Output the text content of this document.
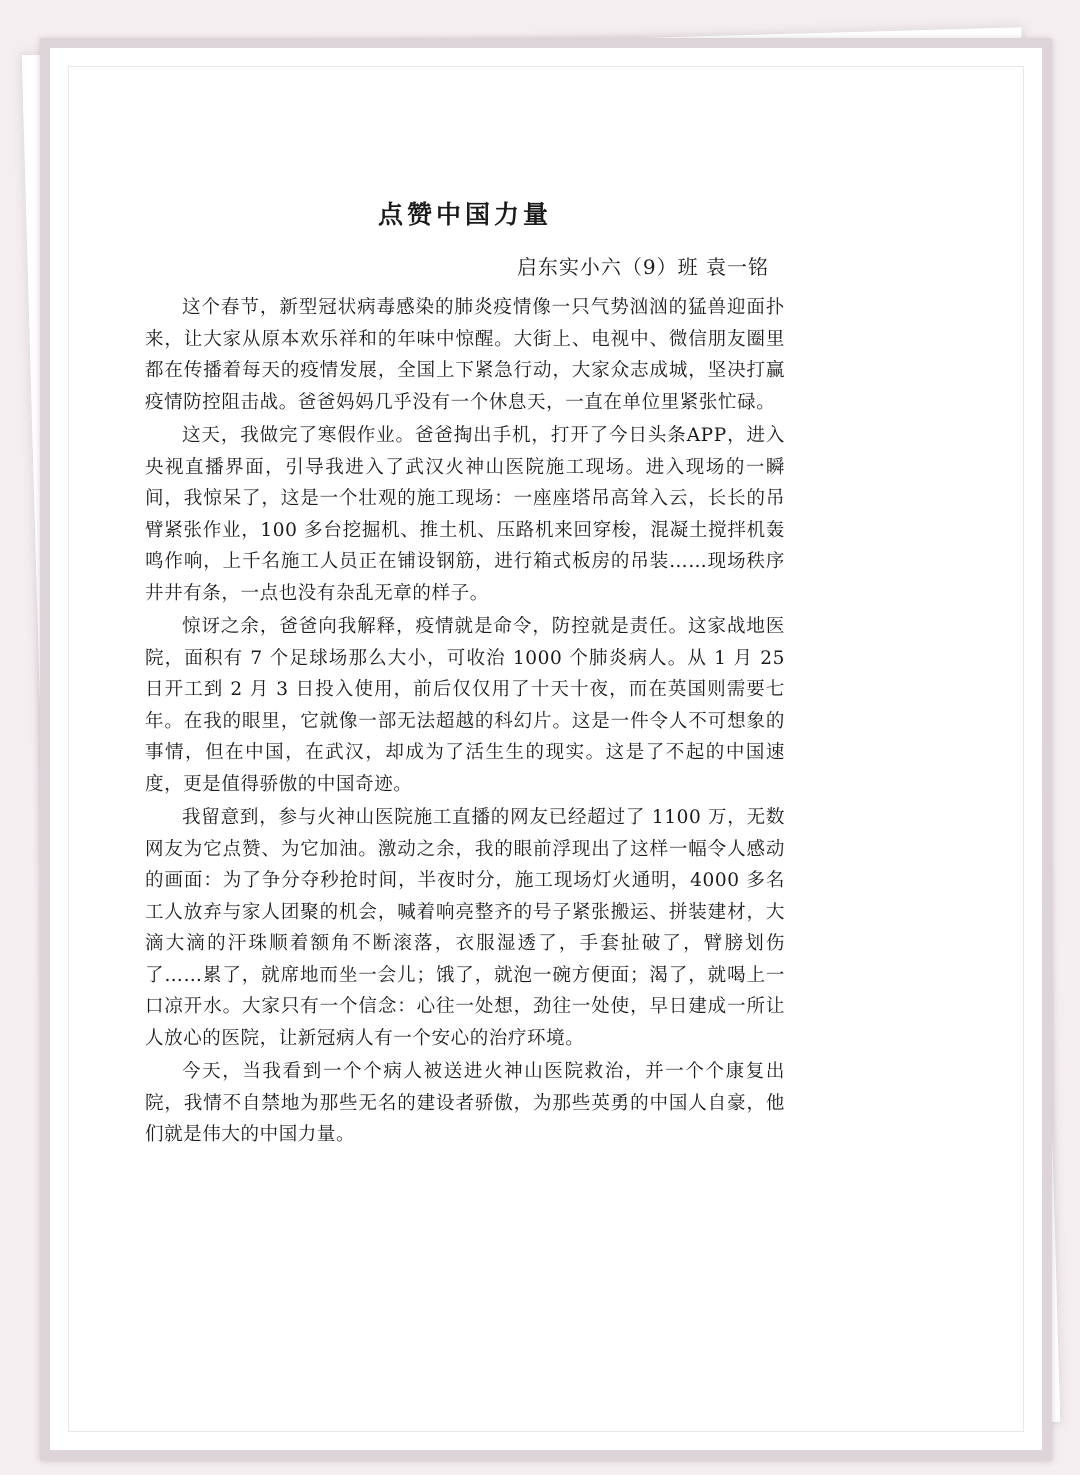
点赞中国力量
启东实小六（9）班 袁一铭

这个春节，新型冠状病毒感染的肺炎疫情像一只气势汹汹的猛兽迎面扑来，让大家从原本欢乐祥和的年味中惊醒。大街上、电视中、微信朋友圈里都在传播着每天的疫情发展，全国上下紧急行动，大家众志成城，坚决打赢疫情防控阻击战。爸爸妈妈几乎没有一个休息天，一直在单位里紧张忙碌。

这天，我做完了寒假作业。爸爸掏出手机，打开了今日头条APP，进入央视直播界面，引导我进入了武汉火神山医院施工现场。进入现场的一瞬间，我惊呆了，这是一个壮观的施工现场：一座座塔吊高耸入云，长长的吊臂紧张作业，100 多台挖掘机、推土机、压路机来回穿梭，混凝土搅拌机轰鸣作响，上千名施工人员正在铺设钢筋，进行箱式板房的吊装……现场秩序井井有条，一点也没有杂乱无章的样子。

惊讶之余，爸爸向我解释，疫情就是命令，防控就是责任。这家战地医院，面积有 7 个足球场那么大小，可收治 1000 个肺炎病人。从 1 月 25 日开工到 2 月 3 日投入使用，前后仅仅用了十天十夜，而在英国则需要七年。在我的眼里，它就像一部无法超越的科幻片。这是一件令人不可想象的事情，但在中国，在武汉，却成为了活生生的现实。这是了不起的中国速度，更是值得骄傲的中国奇迹。

我留意到，参与火神山医院施工直播的网友已经超过了 1100 万，无数网友为它点赞、为它加油。激动之余，我的眼前浮现出了这样一幅令人感动的画面：为了争分夺秒抢时间，半夜时分，施工现场灯火通明，4000 多名工人放弃与家人团聚的机会，喊着响亮整齐的号子紧张搬运、拼装建材，大滴大滴的汗珠顺着额角不断滚落，衣服湿透了，手套扯破了，臂膀划伤了……累了，就席地而坐一会儿；饿了，就泡一碗方便面；渴了，就喝上一口凉开水。大家只有一个信念：心往一处想，劲往一处使，早日建成一所让人放心的医院，让新冠病人有一个安心的治疗环境。

今天，当我看到一个个病人被送进火神山医院救治，并一个个康复出院，我情不自禁地为那些无名的建设者骄傲，为那些英勇的中国人自豪，他们就是伟大的中国力量。
